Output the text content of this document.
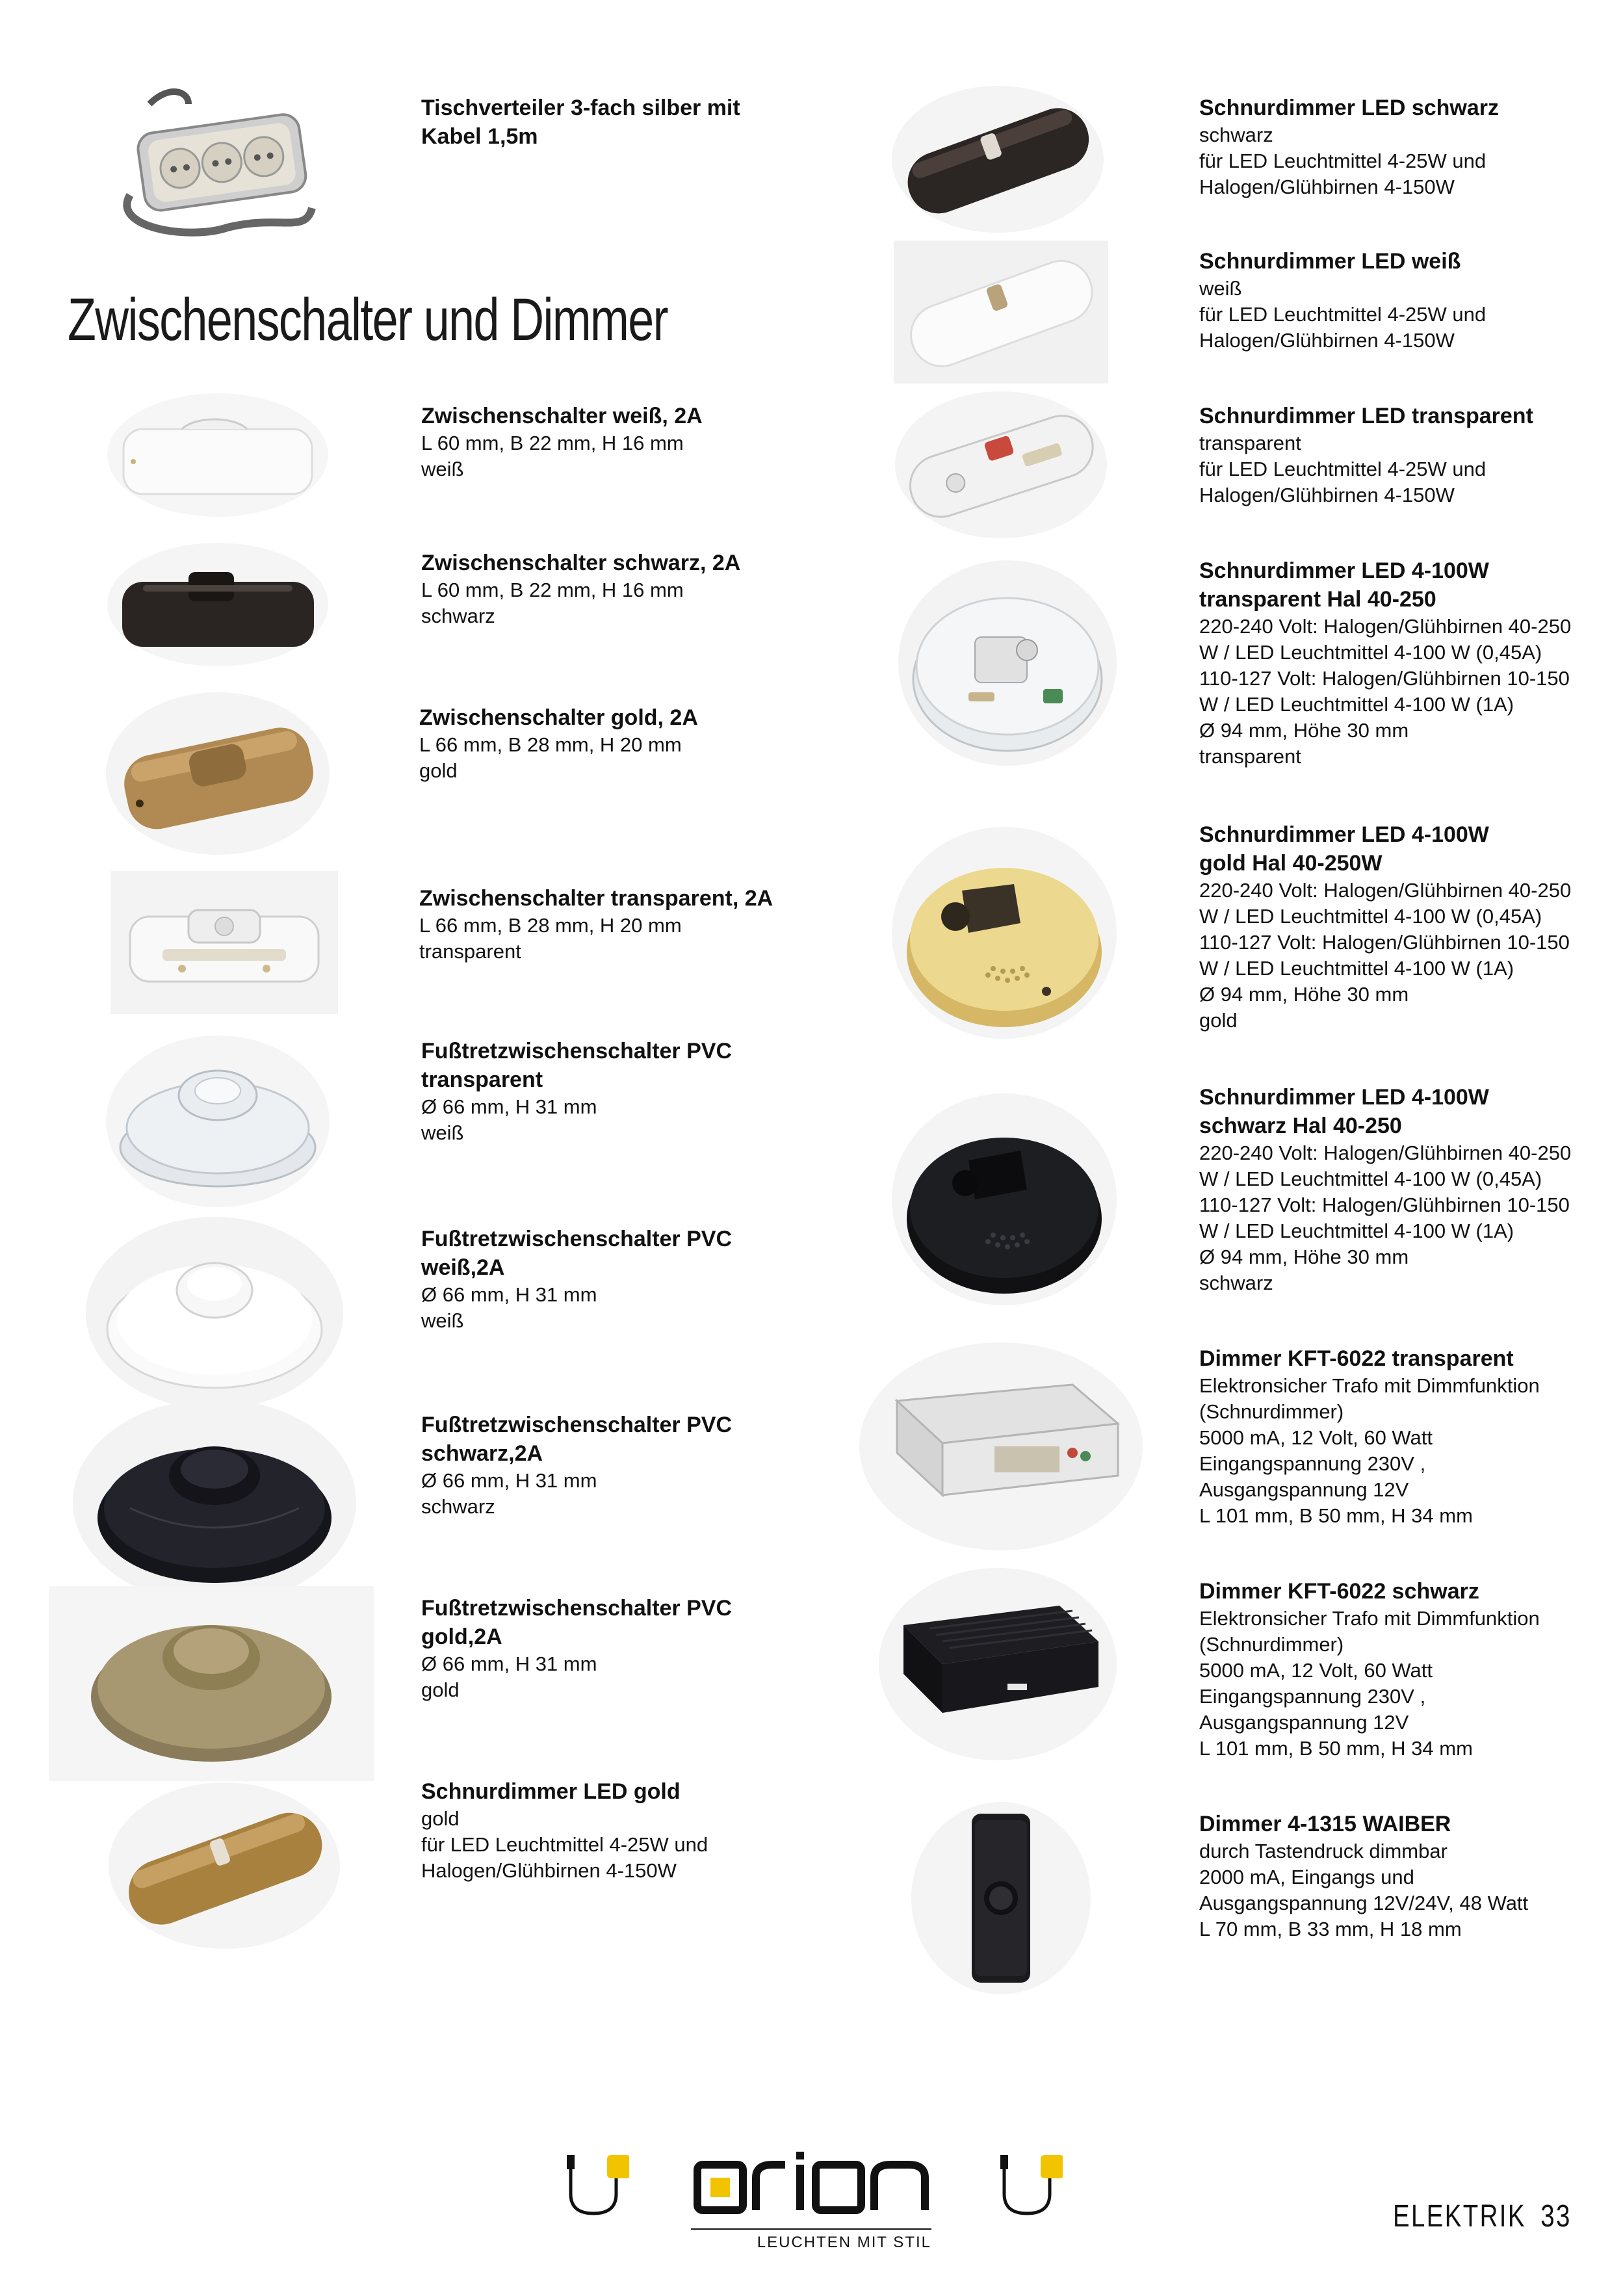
Zwischenschalter und Dimmer
Tischverteiler 3-fach silber mit Kabel 1,5m
Zwischenschalter weiß, 2A
L 60 mm, B 22 mm, H 16 mm
weiß
Zwischenschalter schwarz, 2A
L 60 mm, B 22 mm, H 16 mm
schwarz
Zwischenschalter gold, 2A
L 66 mm, B 28 mm, H 20 mm
gold
Zwischenschalter transparent, 2A
L 66 mm, B 28 mm, H 20 mm
transparent
Fußtretzwischenschalter PVC transparent
Ø 66 mm, H 31 mm
weiß
Fußtretzwischenschalter PVC weiß,2A
Ø 66 mm, H 31 mm
weiß
Fußtretzwischenschalter PVC schwarz,2A
Ø 66 mm, H 31 mm
schwarz
Fußtretzwischenschalter PVC gold,2A
Ø 66 mm, H 31 mm
gold
Schnurdimmer LED gold
gold
für LED Leuchtmittel 4-25W und
Halogen/Glühbirnen 4-150W
Schnurdimmer LED schwarz
schwarz
für LED Leuchtmittel 4-25W und
Halogen/Glühbirnen 4-150W
Schnurdimmer LED weiß
weiß
für LED Leuchtmittel 4-25W und
Halogen/Glühbirnen 4-150W
Schnurdimmer LED transparent
transparent
für LED Leuchtmittel 4-25W und
Halogen/Glühbirnen 4-150W
Schnurdimmer LED 4-100W transparent Hal 40-250
220-240 Volt: Halogen/Glühbirnen 40-250
W / LED Leuchtmittel 4-100 W (0,45A)
110-127 Volt: Halogen/Glühbirnen 10-150
W / LED Leuchtmittel 4-100 W (1A)
Ø 94 mm, Höhe 30 mm
transparent
Schnurdimmer LED 4-100W gold Hal 40-250W
220-240 Volt: Halogen/Glühbirnen 40-250
W / LED Leuchtmittel 4-100 W (0,45A)
110-127 Volt: Halogen/Glühbirnen 10-150
W / LED Leuchtmittel 4-100 W (1A)
Ø 94 mm, Höhe 30 mm
gold
Schnurdimmer LED 4-100W schwarz Hal 40-250
220-240 Volt: Halogen/Glühbirnen 40-250
W / LED Leuchtmittel 4-100 W (0,45A)
110-127 Volt: Halogen/Glühbirnen 10-150
W / LED Leuchtmittel 4-100 W (1A)
Ø 94 mm, Höhe 30 mm
schwarz
Dimmer KFT-6022 transparent
Elektronsicher Trafo mit Dimmfunktion
(Schnurdimmer)
5000 mA, 12 Volt, 60 Watt
Eingangspannung 230V ,
Ausgangspannung 12V
L 101 mm, B 50 mm, H 34 mm
Dimmer KFT-6022 schwarz
Elektronsicher Trafo mit Dimmfunktion
(Schnurdimmer)
5000 mA, 12 Volt, 60 Watt
Eingangspannung 230V ,
Ausgangspannung 12V
L 101 mm, B 50 mm, H 34 mm
Dimmer 4-1315 WAIBER
durch Tastendruck dimmbar
2000 mA, Eingangs und
Ausgangspannung 12V/24V, 48 Watt
L 70 mm, B 33 mm, H 18 mm
LEUCHTEN MIT STIL
ELEKTRIK 33
